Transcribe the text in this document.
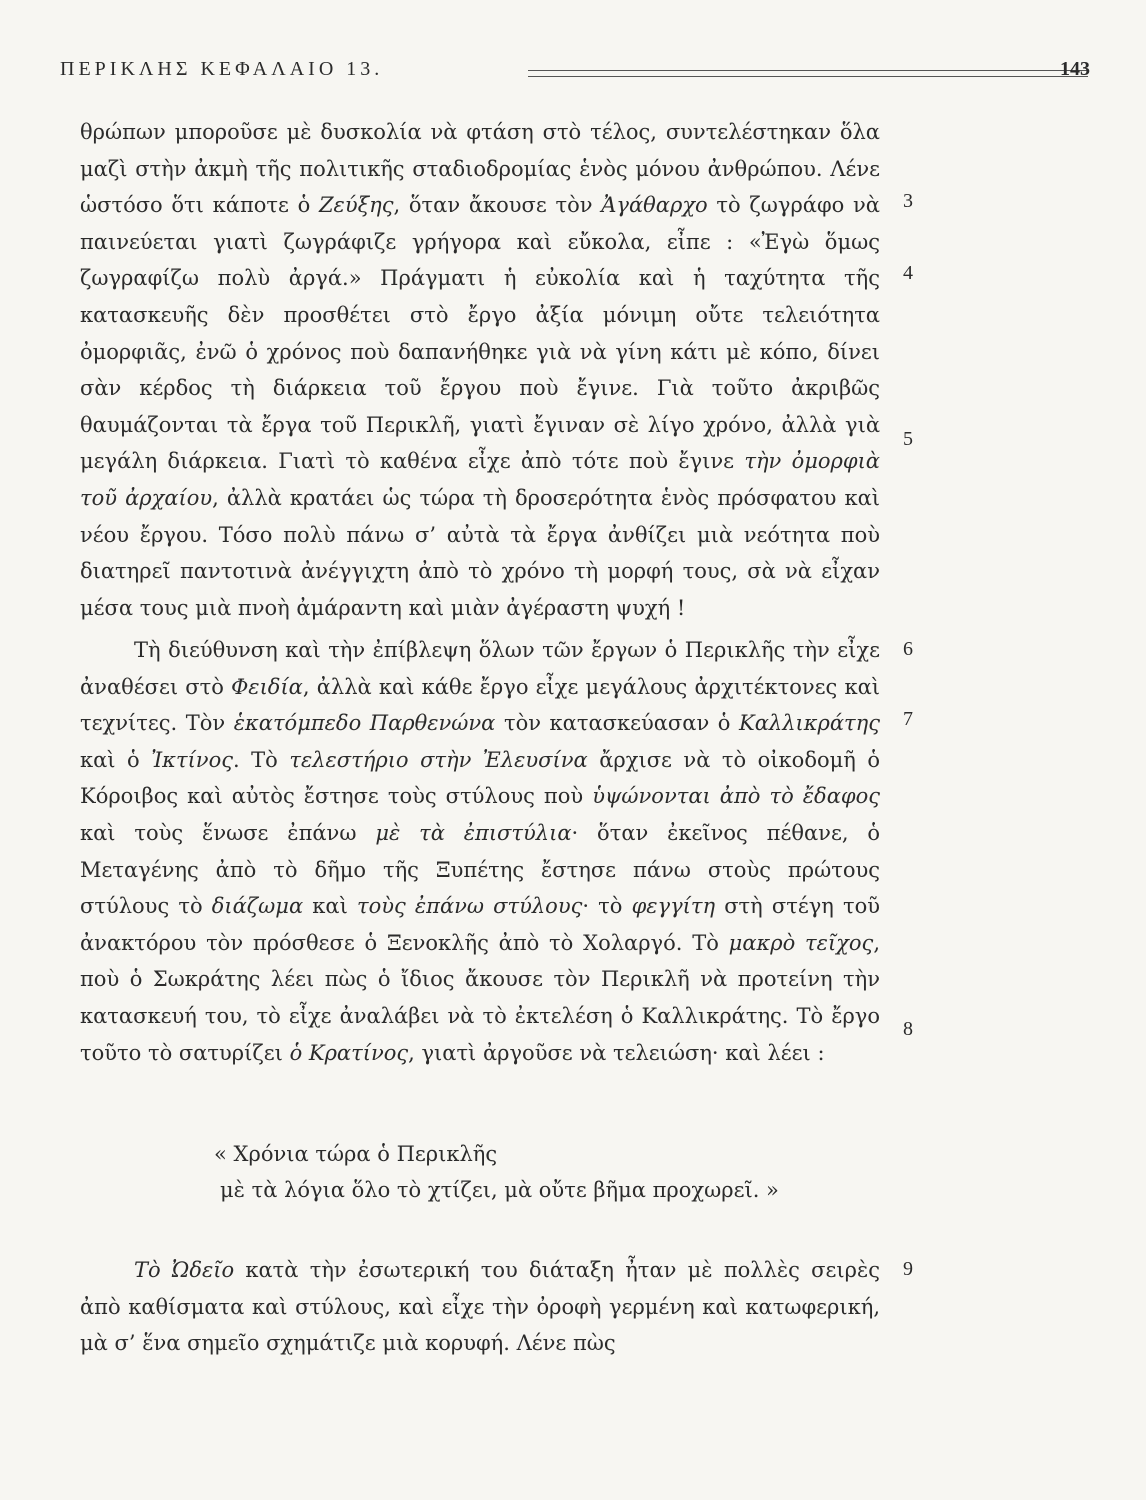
ΠΕΡΙΚΛΗΣ ΚΕΦΑΛΑΙΟ 13.	143

θρώπων μποροῦσε μὲ δυσκολία νὰ φτάση στὸ τέλος, συντελέστηκαν ὅλα μαζὶ στὴν ἀκμὴ τῆς πολιτικῆς σταδιοδρομίας ἑνὸς μόνου ἀνθρώπου. Λένε ὡστόσο ὅτι κάποτε ὁ Ζεύξης, ὅταν ἄκουσε τὸν Ἀγάθαρχο τὸ ζωγράφο νὰ παινεύεται γιατὶ ζωγράφιζε γρήγορα καὶ εὔκολα, εἶπε : «Ἐγὼ ὅμως ζωγραφίζω πολὺ ἀργά.» Πράγματι ἡ εὐκολία καὶ ἡ ταχύτητα τῆς κατασκευῆς δὲν προσθέτει στὸ ἔργο ἀξία μόνιμη οὔτε τελειότητα ὀμορφιᾶς, ἐνῶ ὁ χρόνος ποὺ δαπανήθηκε γιὰ νὰ γίνη κάτι μὲ κόπο, δίνει σὰν κέρδος τὴ διάρκεια τοῦ ἔργου ποὺ ἔγινε. Γιὰ τοῦτο ἀκριβῶς θαυμάζονται τὰ ἔργα τοῦ Περικλῆ, γιατὶ ἔγιναν σὲ λίγο χρόνο, ἀλλὰ γιὰ μεγάλη διάρκεια. Γιατὶ τὸ καθένα εἶχε ἀπὸ τότε ποὺ ἔγινε τὴν ὀμορφιὰ τοῦ ἀρχαίου, ἀλλὰ κρατάει ὡς τώρα τὴ δροσερότητα ἑνὸς πρόσφατου καὶ νέου ἔργου. Τόσο πολὺ πάνω σ’ αὐτὰ τὰ ἔργα ἀνθίζει μιὰ νεότητα ποὺ διατηρεῖ παντοτινὰ ἀνέγγιχτη ἀπὸ τὸ χρόνο τὴ μορφή τους, σὰ νὰ εἶχαν μέσα τους μιὰ πνοὴ ἀμάραντη καὶ μιὰν ἀγέραστη ψυχή !

Τὴ διεύθυνση καὶ τὴν ἐπίβλεψη ὅλων τῶν ἔργων ὁ Περικλῆς τὴν εἶχε ἀναθέσει στὸ Φειδία, ἀλλὰ καὶ κάθε ἔργο εἶχε μεγάλους ἀρχιτέκτονες καὶ τεχνίτες. Τὸν ἑκατόμπεδο Παρθενώνα τὸν κατασκεύασαν ὁ Καλλικράτης καὶ ὁ Ἰκτίνος. Τὸ τελεστήριο στὴν Ἐλευσίνα ἄρχισε νὰ τὸ οἰκοδομῆ ὁ Κόροιβος καὶ αὐτὸς ἔστησε τοὺς στύλους ποὺ ὑψώνονται ἀπὸ τὸ ἔδαφος καὶ τοὺς ἕνωσε ἐπάνω μὲ τὰ ἐπιστύλια· ὅταν ἐκεῖνος πέθανε, ὁ Μεταγένης ἀπὸ τὸ δῆμο τῆς Ξυπέτης ἔστησε πάνω στοὺς πρώτους στύλους τὸ διάζωμα καὶ τοὺς ἐπάνω στύλους· τὸ φεγγίτη στὴ στέγη τοῦ ἀνακτόρου τὸν πρόσθεσε ὁ Ξενοκλῆς ἀπὸ τὸ Χολαργό. Τὸ μακρὸ τεῖχος, ποὺ ὁ Σωκράτης λέει πὼς ὁ ἴδιος ἄκουσε τὸν Περικλῆ νὰ προτείνη τὴν κατασκευή του, τὸ εἶχε ἀναλάβει νὰ τὸ ἐκτελέση ὁ Καλλικράτης. Τὸ ἔργο τοῦτο τὸ σατυρίζει ὁ Κρατίνος, γιατὶ ἀργοῦσε νὰ τελειώση· καὶ λέει :

« Χρόνια τώρα ὁ Περικλῆς
μὲ τὰ λόγια ὅλο τὸ χτίζει, μὰ οὔτε βῆμα προχωρεῖ. »

Τὸ Ὠδεῖο κατὰ τὴν ἐσωτερική του διάταξη ἦταν μὲ πολλὲς σειρὲς ἀπὸ καθίσματα καὶ στύλους, καὶ εἶχε τὴν ὀροφὴ γερμένη καὶ κατωφερική, μὰ σ’ ἕνα σημεῖο σχημάτιζε μιὰ κορυφή. Λένε πὼς

3
4
5
6
7
8
9
